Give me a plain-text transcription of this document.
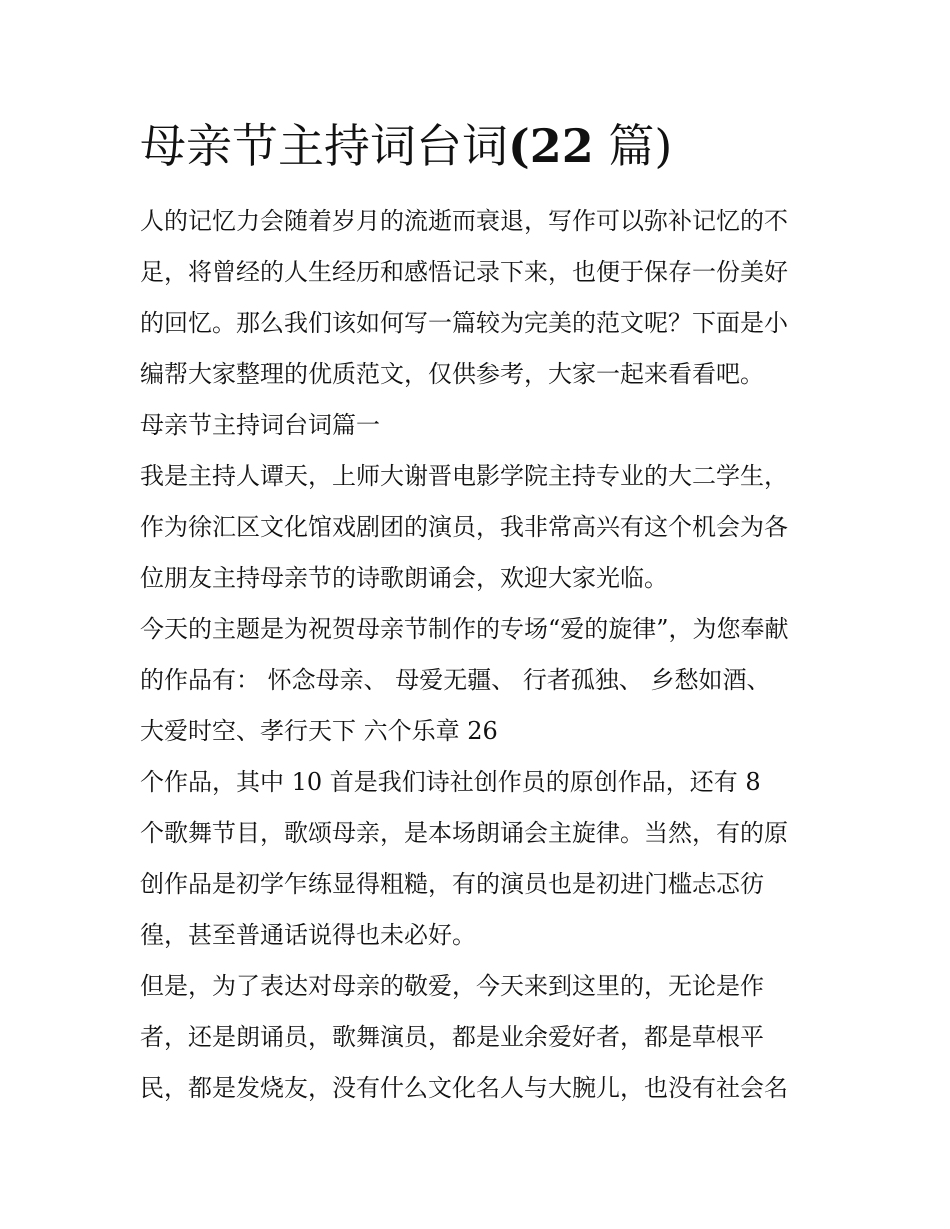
母亲节主持词台词(22 篇)

人的记忆力会随着岁月的流逝而衰退，写作可以弥补记忆的不

足，将曾经的人生经历和感悟记录下来，也便于保存一份美好

的回忆。那么我们该如何写一篇较为完美的范文呢？下面是小

编帮大家整理的优质范文，仅供参考，大家一起来看看吧。

母亲节主持词台词篇一

我是主持人谭天，上师大谢晋电影学院主持专业的大二学生，

作为徐汇区文化馆戏剧团的演员，我非常高兴有这个机会为各

位朋友主持母亲节的诗歌朗诵会，欢迎大家光临。

今天的主题是为祝贺母亲节制作的专场“爱的旋律”，为您奉献

的作品有： 怀念母亲、 母爱无疆、 行者孤独、 乡愁如酒、

大爱时空、孝行天下 六个乐章 26

个作品，其中 10 首是我们诗社创作员的原创作品，还有 8

个歌舞节目，歌颂母亲，是本场朗诵会主旋律。当然，有的原

创作品是初学乍练显得粗糙，有的演员也是初进门槛忐忑彷

徨，甚至普通话说得也未必好。

但是，为了表达对母亲的敬爱，今天来到这里的，无论是作

者，还是朗诵员，歌舞演员，都是业余爱好者，都是草根平

民，都是发烧友，没有什么文化名人与大腕儿，也没有社会名
